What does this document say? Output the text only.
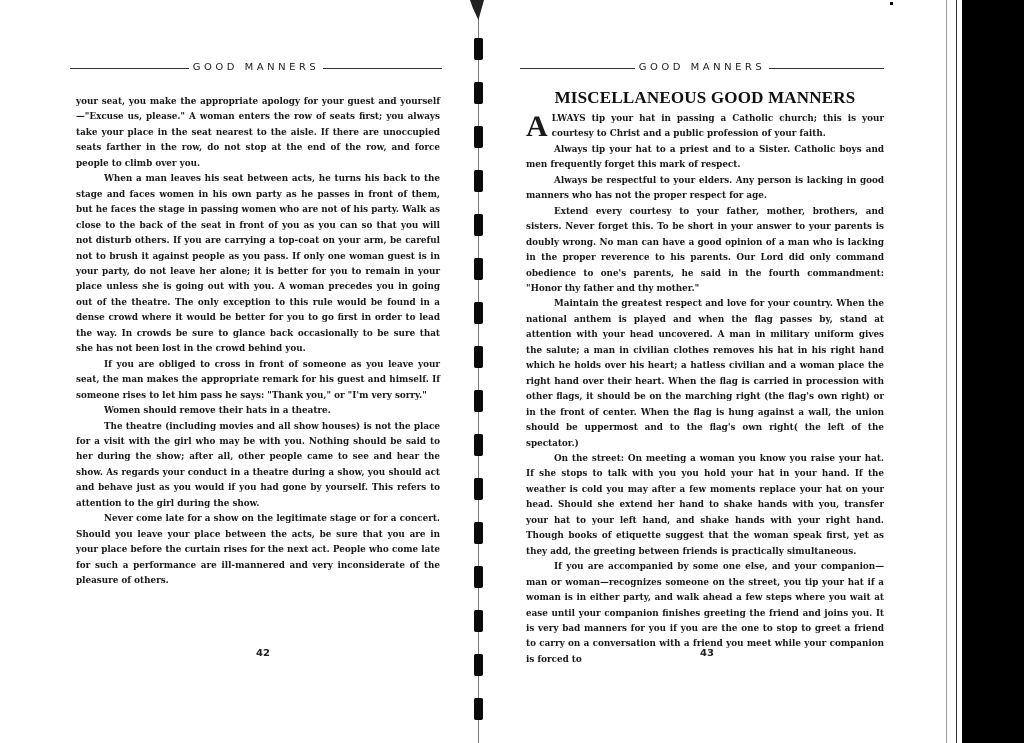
GOOD MANNERS

your seat, you make the appropriate apology for your guest and yourself—"Excuse us, please." A woman enters the row of seats first; you always take your place in the seat nearest to the aisle. If there are unoccupied seats farther in the row, do not stop at the end of the row, and force people to climb over you.

When a man leaves his seat between acts, he turns his back to the stage and faces women in his own party as he passes in front of them, but he faces the stage in passing women who are not of his party. Walk as close to the back of the seat in front of you as you can so that you will not disturb others. If you are carrying a top-coat on your arm, be careful not to brush it against people as you pass. If only one woman guest is in your party, do not leave her alone; it is better for you to remain in your place unless she is going out with you. A woman precedes you in going out of the theatre. The only exception to this rule would be found in a dense crowd where it would be better for you to go first in order to lead the way. In crowds be sure to glance back occasionally to be sure that she has not been lost in the crowd behind you.

If you are obliged to cross in front of someone as you leave your seat, the man makes the appropriate remark for his guest and himself. If someone rises to let him pass he says: "Thank you," or "I'm very sorry."

Women should remove their hats in a theatre.

The theatre (including movies and all show houses) is not the place for a visit with the girl who may be with you. Nothing should be said to her during the show; after all, other people came to see and hear the show. As regards your conduct in a theatre during a show, you should act and behave just as you would if you had gone by yourself. This refers to attention to the girl during the show.

Never come late for a show on the legitimate stage or for a concert. Should you leave your place between the acts, be sure that you are in your place before the curtain rises for the next act. People who come late for such a performance are ill-mannered and very inconsiderate of the pleasure of others.

42
GOOD MANNERS
MISCELLANEOUS GOOD MANNERS

ALWAYS tip your hat in passing a Catholic church; this is your courtesy to Christ and a public profession of your faith.

Always tip your hat to a priest and to a Sister. Catholic boys and men frequently forget this mark of respect.

Always be respectful to your elders. Any person is lacking in good manners who has not the proper respect for age.

Extend every courtesy to your father, mother, brothers, and sisters. Never forget this. To be short in your answer to your parents is doubly wrong. No man can have a good opinion of a man who is lacking in the proper reverence to his parents. Our Lord did only command obedience to one's parents, he said in the fourth commandment: "Honor thy father and thy mother."

Maintain the greatest respect and love for your country. When the national anthem is played and when the flag passes by, stand at attention with your head uncovered. A man in military uniform gives the salute; a man in civilian clothes removes his hat in his right hand which he holds over his heart; a hatless civilian and a woman place the right hand over their heart. When the flag is carried in procession with other flags, it should be on the marching right (the flag's own right) or in the front of center. When the flag is hung against a wall, the union should be uppermost and to the flag's own right( the left of the spectator.)

On the street: On meeting a woman you know you raise your hat. If she stops to talk with you you hold your hat in your hand. If the weather is cold you may after a few moments replace your hat on your head. Should she extend her hand to shake hands with you, transfer your hat to your left hand, and shake hands with your right hand. Though books of etiquette suggest that the woman speak first, yet as they add, the greeting between friends is practically simultaneous.

If you are accompanied by some one else, and your companion—man or woman—recognizes someone on the street, you tip your hat if a woman is in either party, and walk ahead a few steps where you wait at ease until your companion finishes greeting the friend and joins you. It is very bad manners for you if you are the one to stop to greet a friend to carry on a conversation with a friend you meet while your companion is forced to

43
